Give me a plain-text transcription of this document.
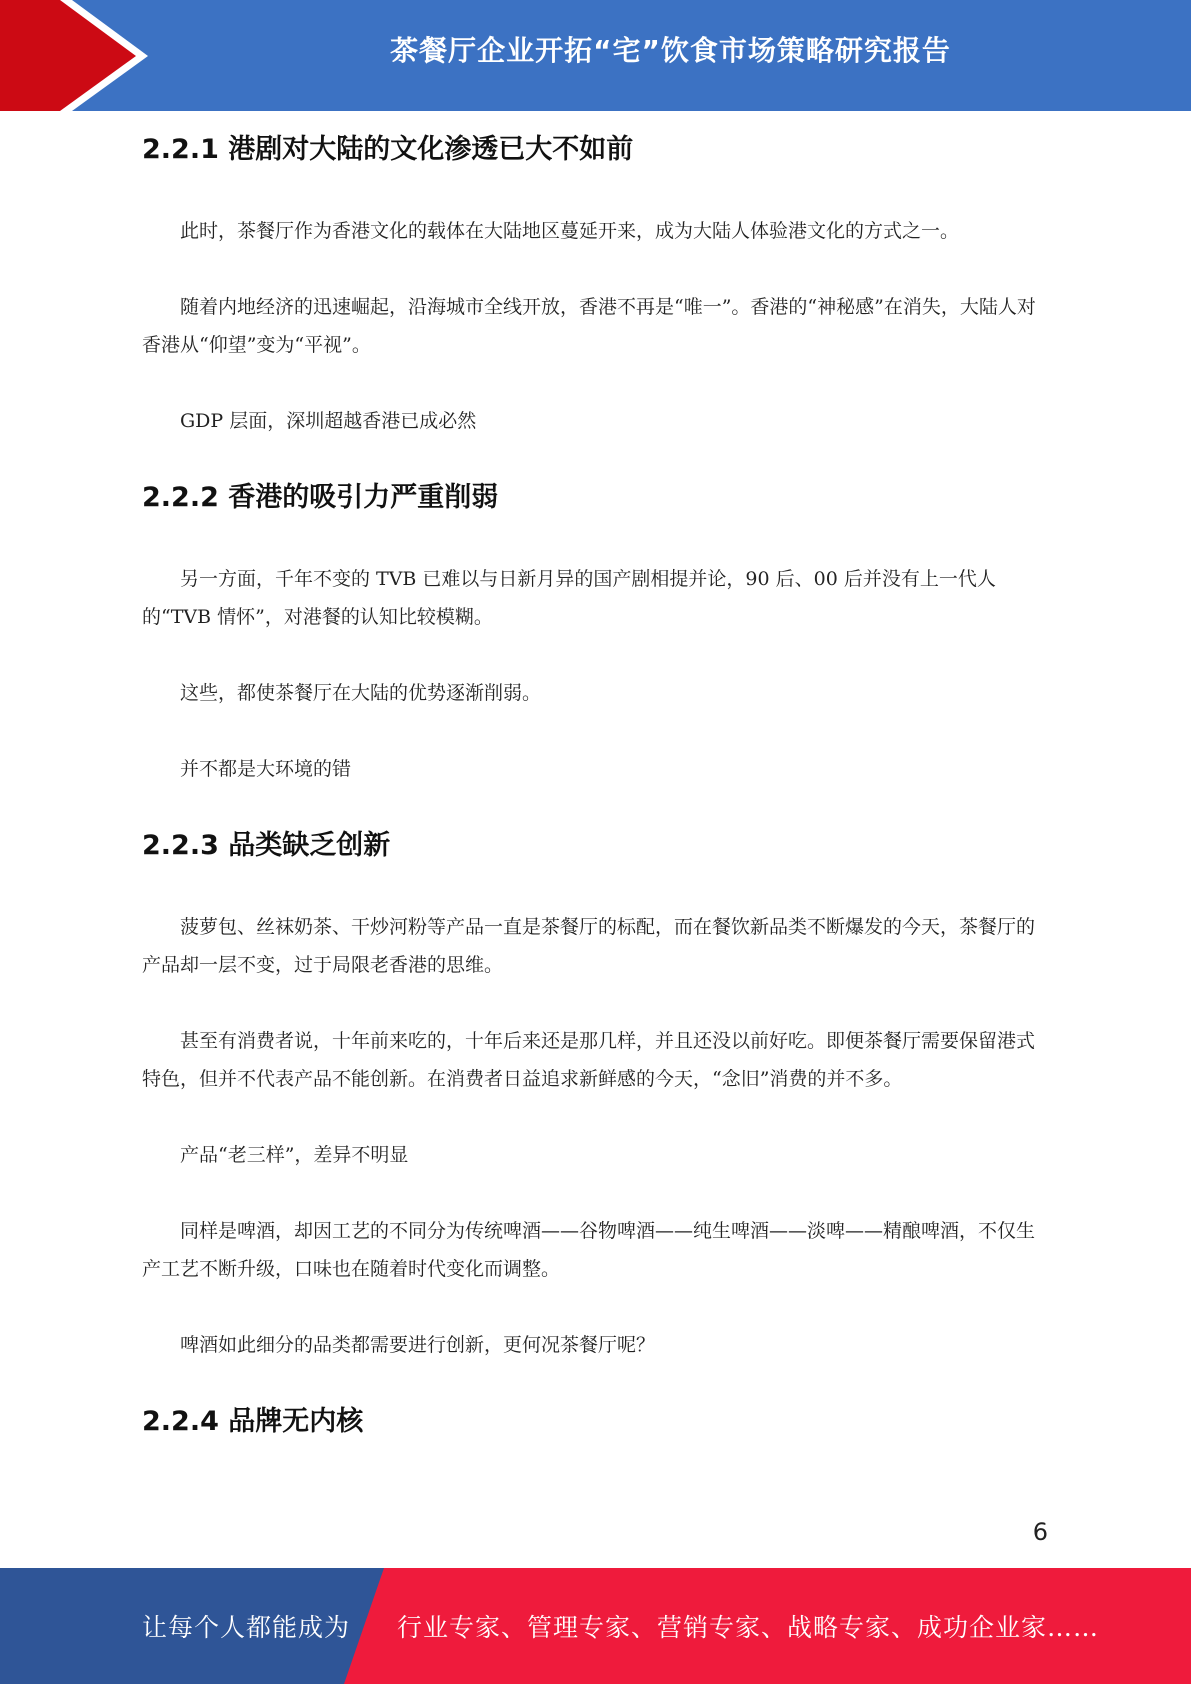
茶餐厅企业开拓“宅”饮食市场策略研究报告
2.2.1 港剧对大陆的文化渗透已大不如前

此时，茶餐厅作为香港文化的载体在大陆地区蔓延开来，成为大陆人体验港文化的方式之一。

随着内地经济的迅速崛起，沿海城市全线开放，香港不再是“唯一”。香港的“神秘感”在消失，大陆人对香港从“仰望”变为“平视”。

GDP 层面，深圳超越香港已成必然

2.2.2 香港的吸引力严重削弱

另一方面，千年不变的 TVB 已难以与日新月异的国产剧相提并论，90 后、00 后并没有上一代人的“TVB 情怀”，对港餐的认知比较模糊。

这些，都使茶餐厅在大陆的优势逐渐削弱。

并不都是大环境的错

2.2.3 品类缺乏创新

菠萝包、丝袜奶茶、干炒河粉等产品一直是茶餐厅的标配，而在餐饮新品类不断爆发的今天，茶餐厅的产品却一层不变，过于局限老香港的思维。

甚至有消费者说，十年前来吃的，十年后来还是那几样，并且还没以前好吃。即便茶餐厅需要保留港式特色，但并不代表产品不能创新。在消费者日益追求新鲜感的今天，“念旧”消费的并不多。

产品“老三样”，差异不明显

同样是啤酒，却因工艺的不同分为传统啤酒——谷物啤酒——纯生啤酒——淡啤——精酿啤酒，不仅生产工艺不断升级，口味也在随着时代变化而调整。

啤酒如此细分的品类都需要进行创新，更何况茶餐厅呢？

2.2.4 品牌无内核
6
让每个人都能成为 行业专家、管理专家、营销专家、战略专家、成功企业家……
